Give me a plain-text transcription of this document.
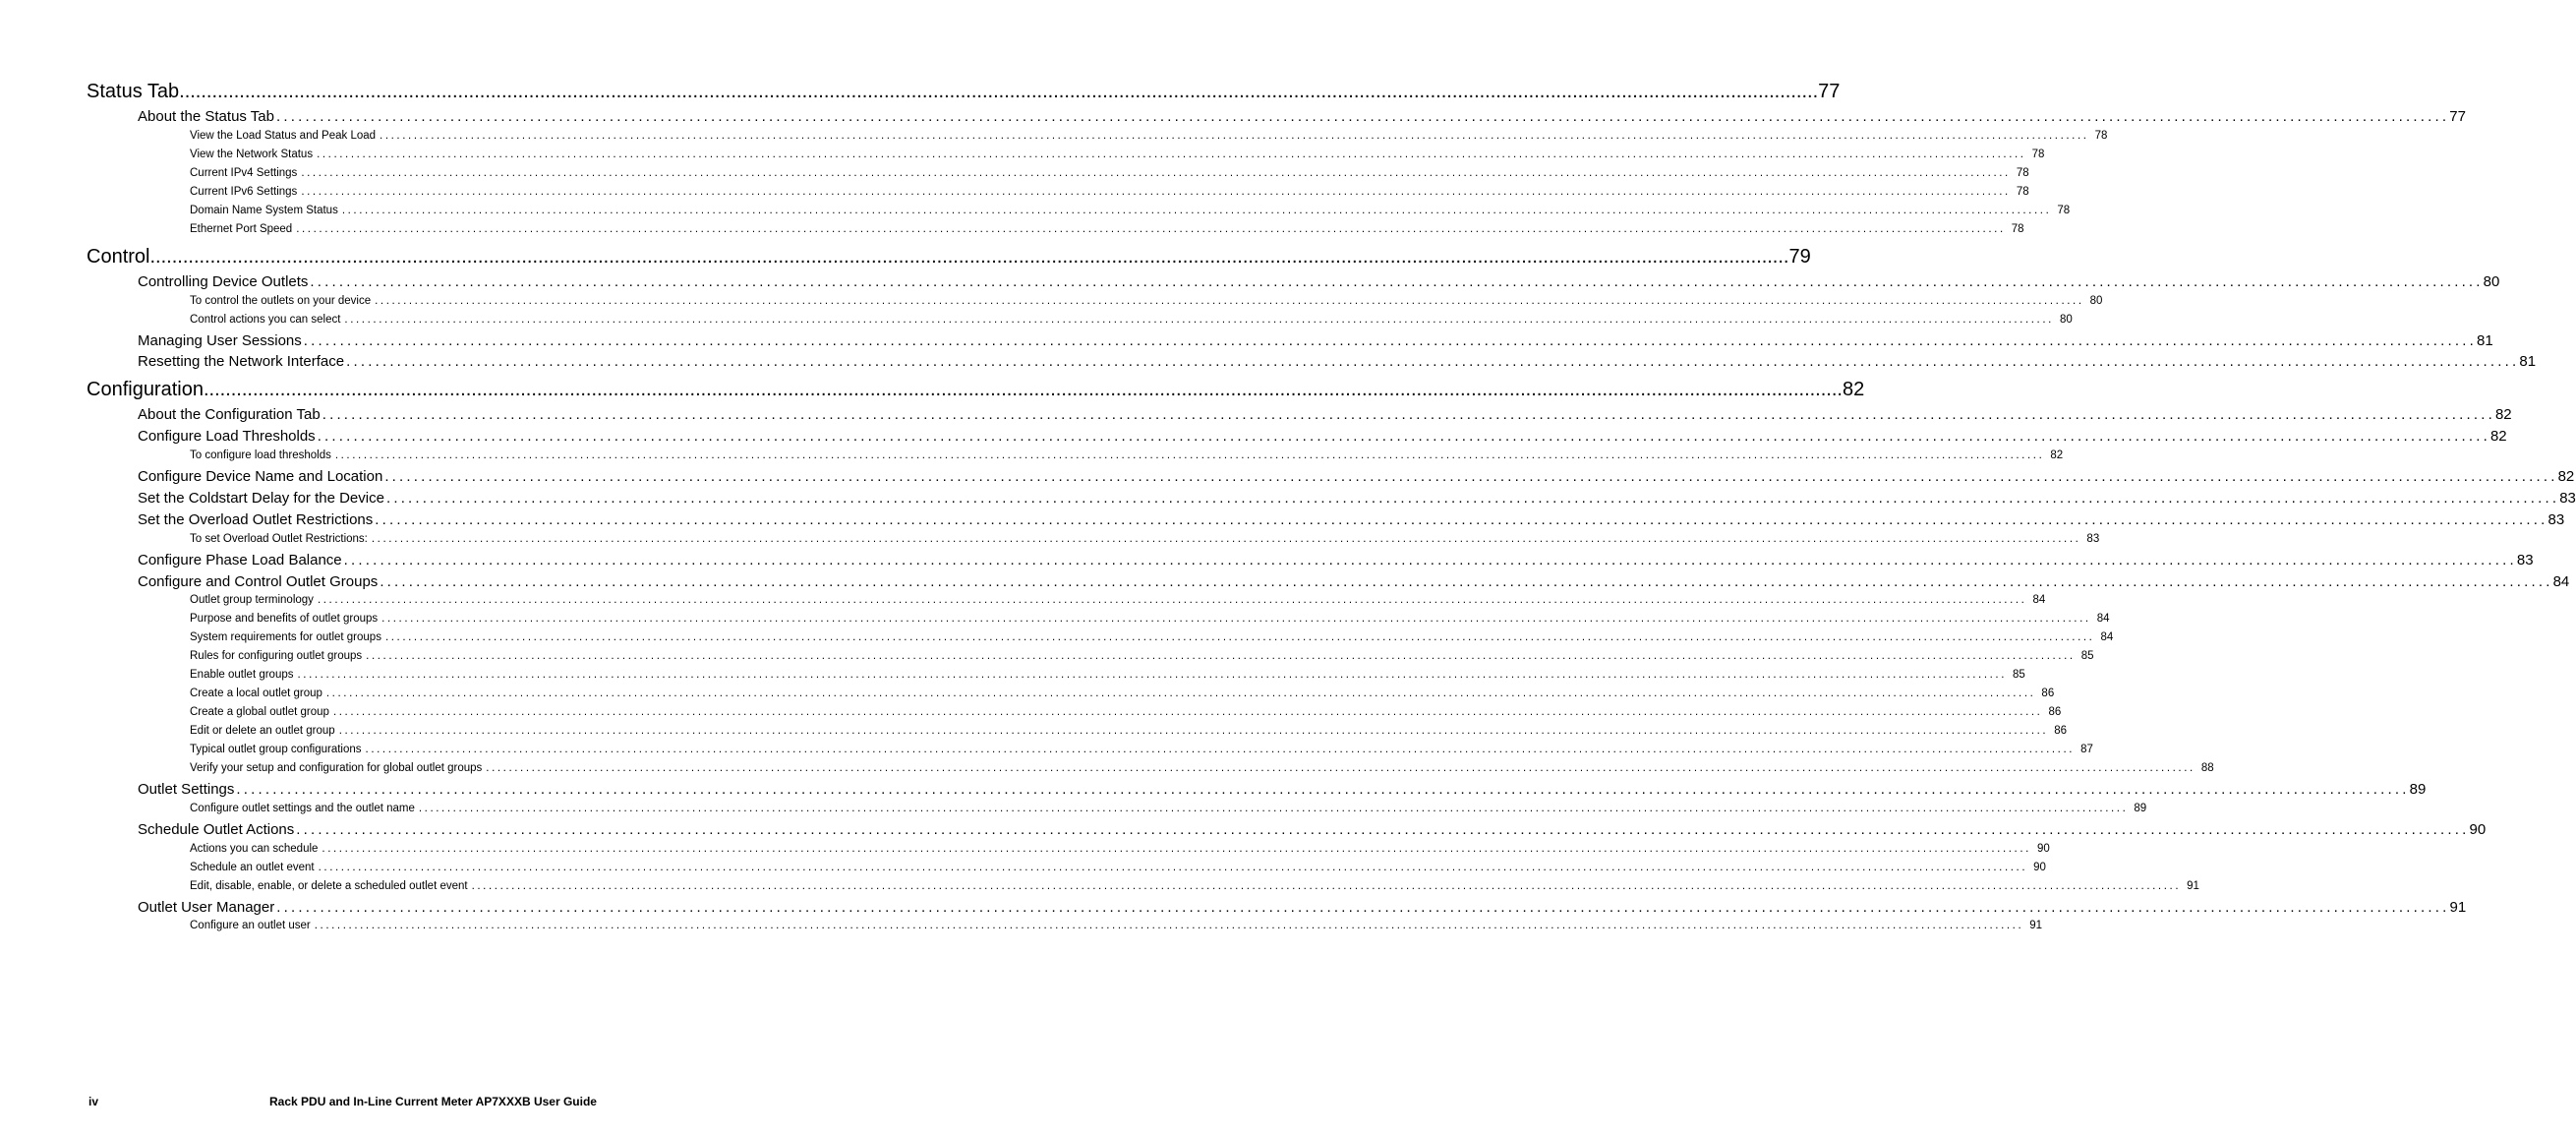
Status Tab ............................................................................................................................................................................................................................................................................................................ 77
About the Status Tab ............................................................................................................................................................................................................................................................................................................ 77
View the Load Status and Peak Load ............................................................................................................................................................................................................................................................................................................ 78
View the Network Status ............................................................................................................................................................................................................................................................................................................ 78
Current IPv4 Settings ............................................................................................................................................................................................................................................................................................................ 78
Current IPv6 Settings ............................................................................................................................................................................................................................................................................................................ 78
Domain Name System Status ............................................................................................................................................................................................................................................................................................................ 78
Ethernet Port Speed ............................................................................................................................................................................................................................................................................................................ 78
Control ............................................................................................................................................................................................................................................................................................................ 79
Controlling Device Outlets ............................................................................................................................................................................................................................................................................................................ 80
To control the outlets on your device ............................................................................................................................................................................................................................................................................................................ 80
Control actions you can select ............................................................................................................................................................................................................................................................................................................ 80
Managing User Sessions ............................................................................................................................................................................................................................................................................................................ 81
Resetting the Network Interface ............................................................................................................................................................................................................................................................................................................ 81
Configuration ............................................................................................................................................................................................................................................................................................................ 82
About the Configuration Tab ............................................................................................................................................................................................................................................................................................................ 82
Configure Load Thresholds ............................................................................................................................................................................................................................................................................................................ 82
To configure load thresholds ............................................................................................................................................................................................................................................................................................................ 82
Configure Device Name and Location ............................................................................................................................................................................................................................................................................................................ 82
Set the Coldstart Delay for the Device ............................................................................................................................................................................................................................................................................................................ 83
Set the Overload Outlet Restrictions ............................................................................................................................................................................................................................................................................................................ 83
To set Overload Outlet Restrictions: ............................................................................................................................................................................................................................................................................................................ 83
Configure Phase Load Balance ............................................................................................................................................................................................................................................................................................................ 83
Configure and Control Outlet Groups ............................................................................................................................................................................................................................................................................................................ 84
Outlet group terminology ............................................................................................................................................................................................................................................................................................................ 84
Purpose and benefits of outlet groups ............................................................................................................................................................................................................................................................................................................ 84
System requirements for outlet groups ............................................................................................................................................................................................................................................................................................................ 84
Rules for configuring outlet groups ............................................................................................................................................................................................................................................................................................................ 85
Enable outlet groups ............................................................................................................................................................................................................................................................................................................ 85
Create a local outlet group ............................................................................................................................................................................................................................................................................................................ 86
Create a global outlet group ............................................................................................................................................................................................................................................................................................................ 86
Edit or delete an outlet group ............................................................................................................................................................................................................................................................................................................ 86
Typical outlet group configurations ............................................................................................................................................................................................................................................................................................................ 87
Verify your setup and configuration for global outlet groups ............................................................................................................................................................................................................................................................................................................ 88
Outlet Settings ............................................................................................................................................................................................................................................................................................................ 89
Configure outlet settings and the outlet name ............................................................................................................................................................................................................................................................................................................ 89
Schedule Outlet Actions ............................................................................................................................................................................................................................................................................................................ 90
Actions you can schedule ............................................................................................................................................................................................................................................................................................................ 90
Schedule an outlet event ............................................................................................................................................................................................................................................................................................................ 90
Edit, disable, enable, or delete a scheduled outlet event ............................................................................................................................................................................................................................................................................................................ 91
Outlet User Manager ............................................................................................................................................................................................................................................................................................................ 91
Configure an outlet user ............................................................................................................................................................................................................................................................................................................ 91
iv	Rack PDU and In-Line Current Meter AP7XXXB User Guide
